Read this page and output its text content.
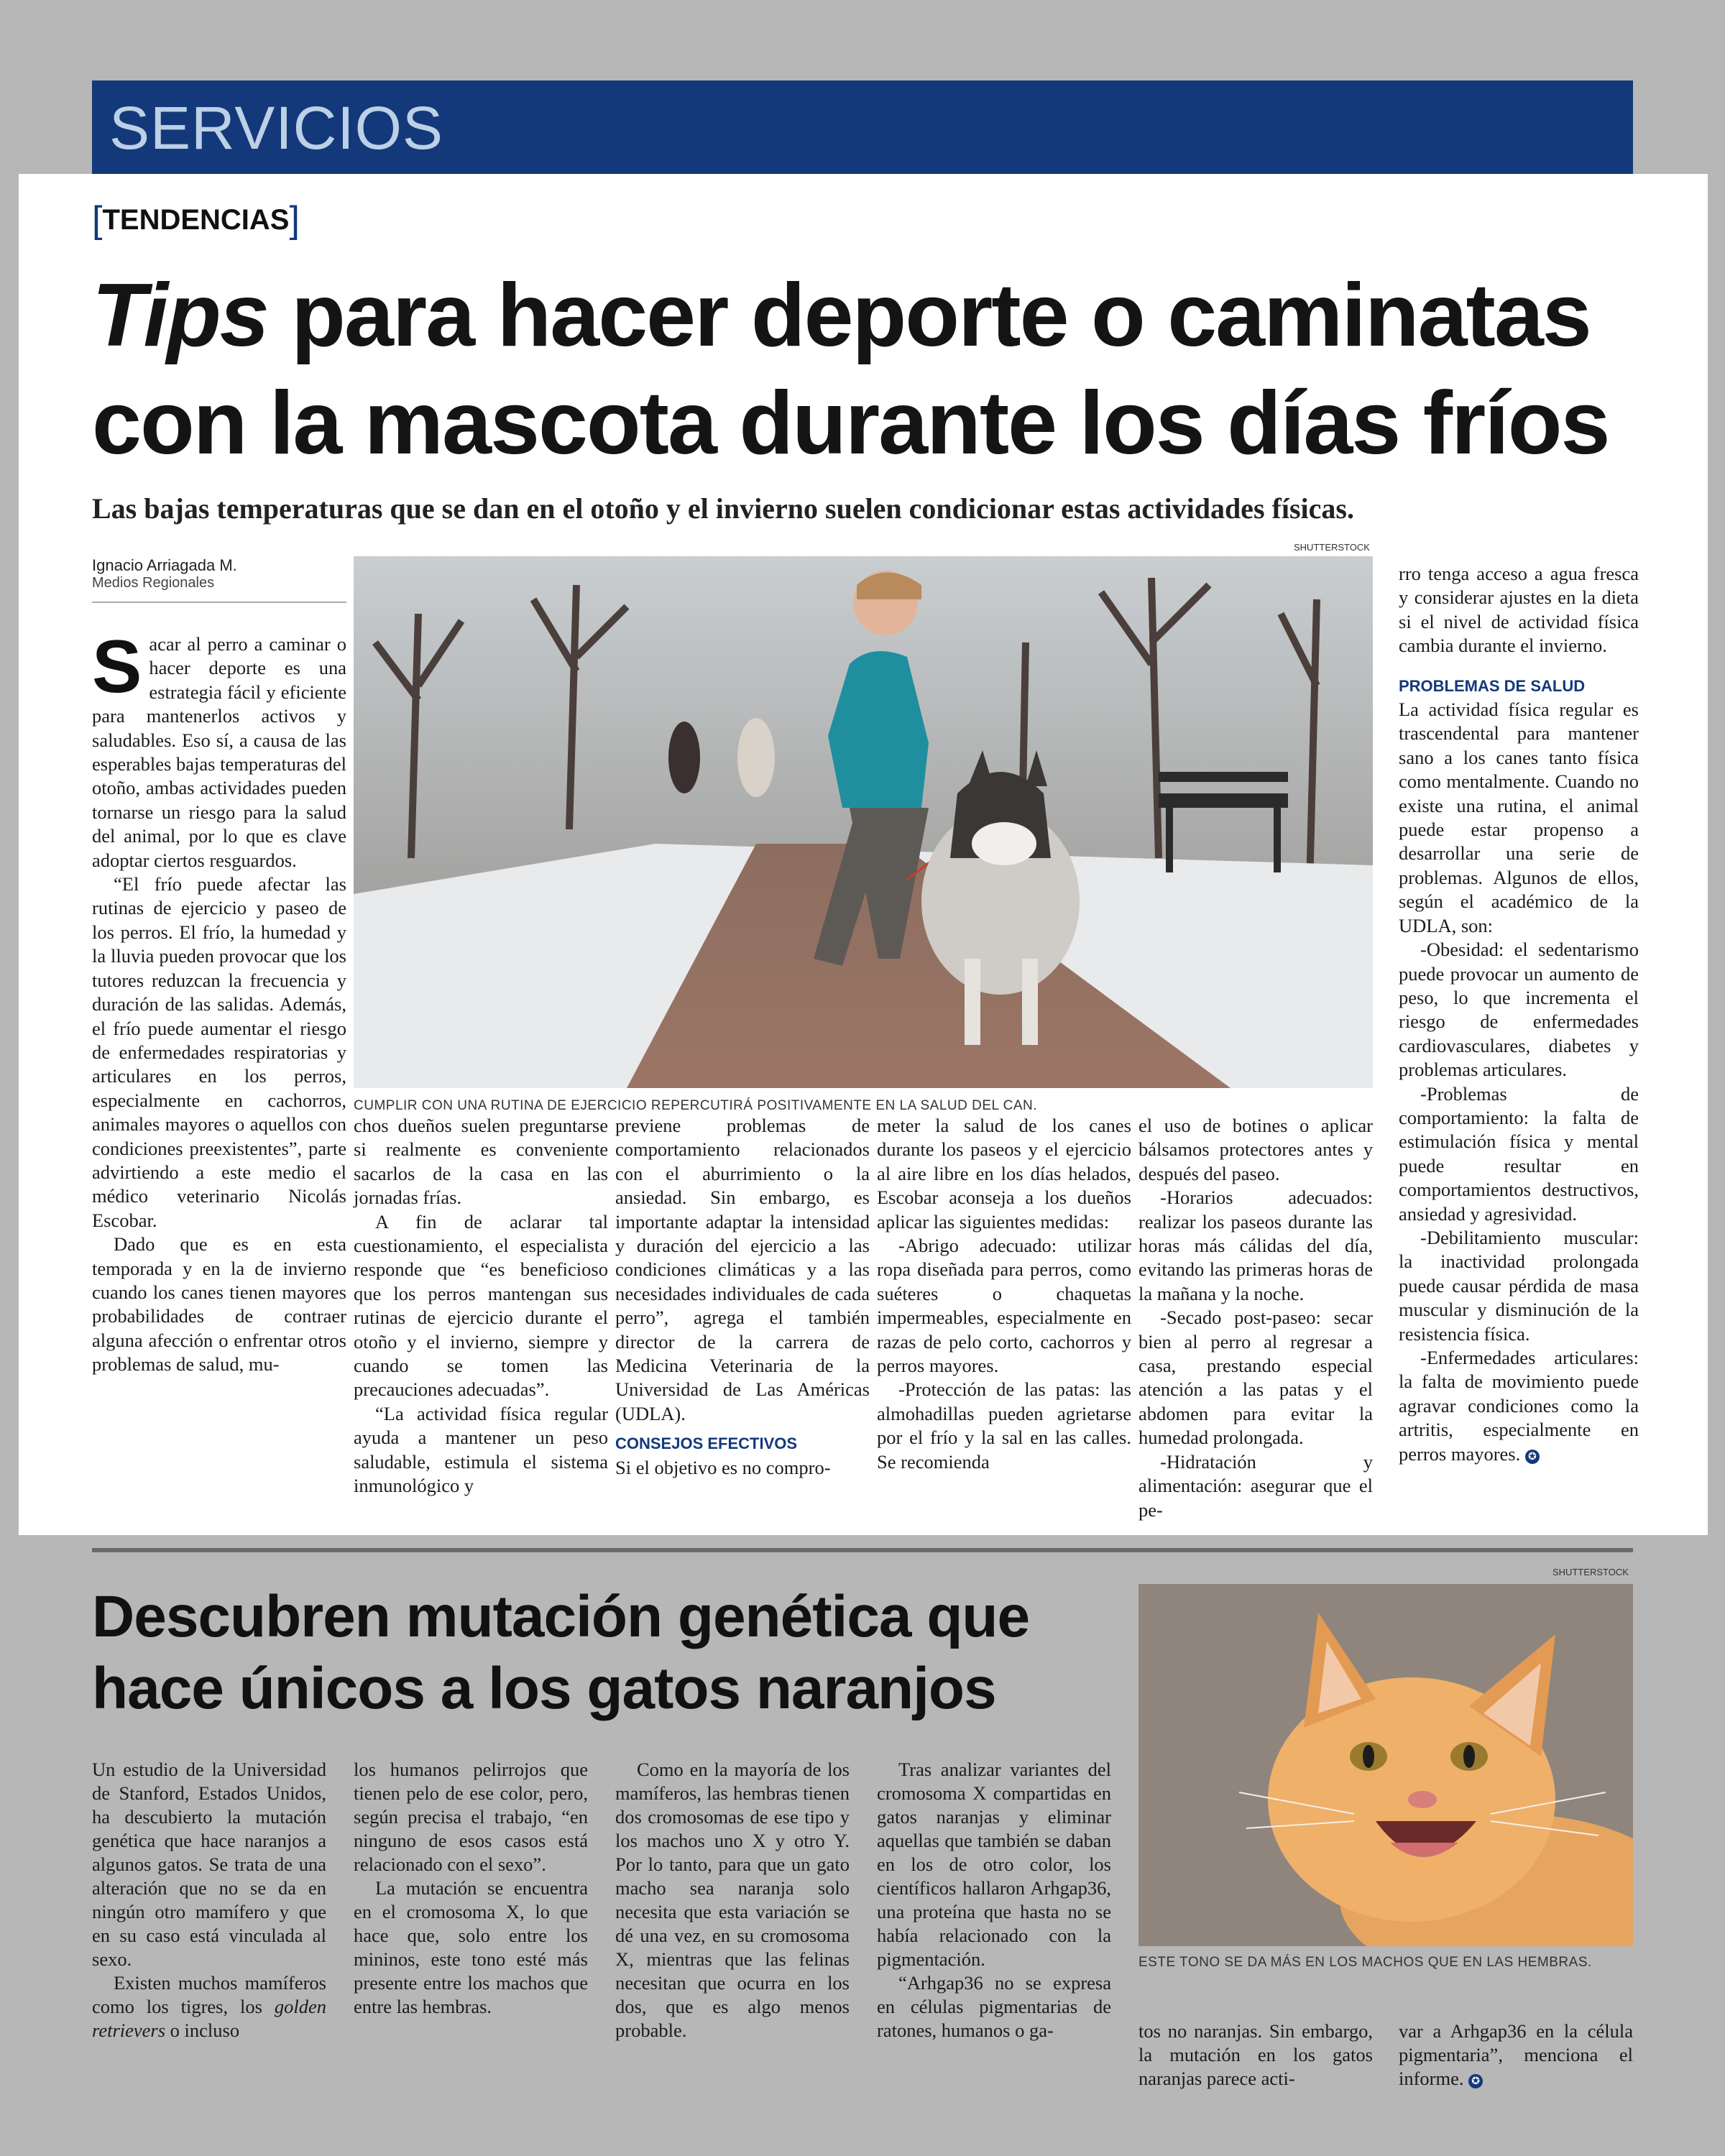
SERVICIOS
[TENDENCIAS]
Tips para hacer deporte o caminatas
con la mascota durante los días fríos
Las bajas temperaturas que se dan en el otoño y el invierno suelen condicionar estas actividades físicas.
SHUTTERSTOCK
Ignacio Arriagada M.
Medios Regionales

Sacar al perro a caminar o hacer deporte es una estrategia fácil y eficiente para mantenerlos activos y saludables. Eso sí, a causa de las esperables bajas temperaturas del otoño, ambas actividades pueden tornarse un riesgo para la salud del animal, por lo que es clave adoptar ciertos resguardos.

“El frío puede afectar las rutinas de ejercicio y paseo de los perros. El frío, la humedad y la lluvia pueden provocar que los tutores reduzcan la frecuencia y duración de las salidas. Además, el frío puede aumentar el riesgo de enfermedades respiratorias y articulares en los perros, especialmente en cachorros, animales mayores o aquellos con condiciones preexistentes”, parte advirtiendo a este medio el médico veterinario Nicolás Escobar.

Dado que es en esta temporada y en la de invierno cuando los canes tienen mayores probabilidades de contraer alguna afección o enfrentar otros problemas de salud, mu-

CUMPLIR CON UNA RUTINA DE EJERCICIO REPERCUTIRÁ POSITIVAMENTE EN LA SALUD DEL CAN.

chos dueños suelen preguntarse si realmente es conveniente sacarlos de la casa en las jornadas frías.

A fin de aclarar tal cuestionamiento, el especialista responde que “es beneficioso que los perros mantengan sus rutinas de ejercicio durante el otoño y el invierno, siempre y cuando se tomen las precauciones adecuadas”.

“La actividad física regular ayuda a mantener un peso saludable, estimula el sistema inmunológico y

previene problemas de comportamiento relacionados con el aburrimiento o la ansiedad. Sin embargo, es importante adaptar la intensidad y duración del ejercicio a las condiciones climáticas y a las necesidades individuales de cada perro”, agrega el también director de la carrera de Medicina Veterinaria de la Universidad de Las Américas (UDLA).

CONSEJOS EFECTIVOS

Si el objetivo es no compro-

meter la salud de los canes durante los paseos y el ejercicio al aire libre en los días helados, Escobar aconseja a los dueños aplicar las siguientes medidas:

-Abrigo adecuado: utilizar ropa diseñada para perros, como suéteres o chaquetas impermeables, especialmente en razas de pelo corto, cachorros y perros mayores.

-Protección de las patas: las almohadillas pueden agrietarse por el frío y la sal en las calles. Se recomienda

el uso de botines o aplicar bálsamos protectores antes y después del paseo.

-Horarios adecuados: realizar los paseos durante las horas más cálidas del día, evitando las primeras horas de la mañana y la noche.

-Secado post-paseo: secar bien al perro al regresar a casa, prestando especial atención a las patas y el abdomen para evitar la humedad prolongada.

-Hidratación y alimentación: asegurar que el pe-

rro tenga acceso a agua fresca y considerar ajustes en la dieta si el nivel de actividad física cambia durante el invierno.

PROBLEMAS DE SALUD

La actividad física regular es trascendental para mantener sano a los canes tanto física como mentalmente. Cuando no existe una rutina, el animal puede estar propenso a desarrollar una serie de problemas. Algunos de ellos, según el académico de la UDLA, son:

-Obesidad: el sedentarismo puede provocar un aumento de peso, lo que incrementa el riesgo de enfermedades cardiovasculares, diabetes y problemas articulares.

-Problemas de comportamiento: la falta de estimulación física y mental puede resultar en comportamientos destructivos, ansiedad y agresividad.

-Debilitamiento muscular: la inactividad prolongada puede causar pérdida de masa muscular y disminución de la resistencia física.

-Enfermedades articulares: la falta de movimiento puede agravar condiciones como la artritis, especialmente en perros mayores. ✪

SHUTTERSTOCK
Descubren mutación genética que
hace únicos a los gatos naranjos
ESTE TONO SE DA MÁS EN LOS MACHOS QUE EN LAS HEMBRAS.

Un estudio de la Universidad de Stanford, Estados Unidos, ha descubierto la mutación genética que hace naranjos a algunos gatos. Se trata de una alteración que no se da en ningún otro mamífero y que en su caso está vinculada al sexo.

Existen muchos mamíferos como los tigres, los golden retrievers o incluso

los humanos pelirrojos que tienen pelo de ese color, pero, según precisa el trabajo, “en ninguno de esos casos está relacionado con el sexo”.

La mutación se encuentra en el cromosoma X, lo que hace que, solo entre los mininos, este tono esté más presente entre los machos que entre las hembras.

Como en la mayoría de los mamíferos, las hembras tienen dos cromosomas de ese tipo y los machos uno X y otro Y. Por lo tanto, para que un gato macho sea naranja solo necesita que esta variación se dé una vez, en su cromosoma X, mientras que las felinas necesitan que ocurra en los dos, que es algo menos probable.

Tras analizar variantes del cromosoma X compartidas en gatos naranjas y eliminar aquellas que también se daban en los de otro color, los científicos hallaron Arhgap36, una proteína que hasta no se había relacionado con la pigmentación.

“Arhgap36 no se expresa en células pigmentarias de ratones, humanos o ga-	tos no naranjas. Sin embargo, la mutación en los gatos naranjas parece acti-

var a Arhgap36 en la célula pigmentaria”, menciona el informe. ✪
